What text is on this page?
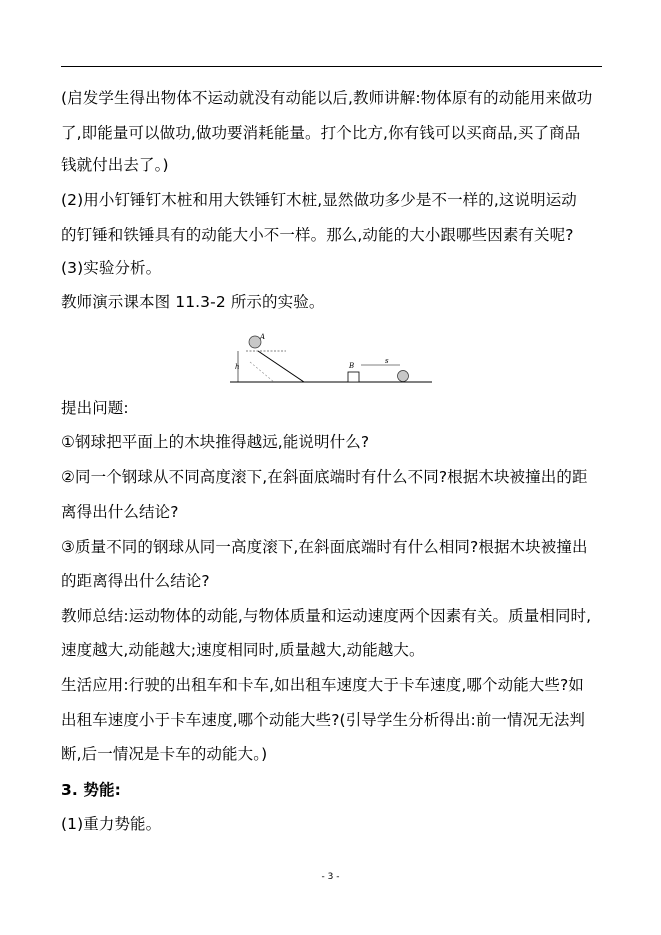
(启发学生得出物体不运动就没有动能以后,教师讲解:物体原有的动能用来做功
了,即能量可以做功,做功要消耗能量。打个比方,你有钱可以买商品,买了商品
钱就付出去了。)
(2)用小钉锤钉木桩和用大铁锤钉木桩,显然做功多少是不一样的,这说明运动
的钉锤和铁锤具有的动能大小不一样。那么,动能的大小跟哪些因素有关呢?
(3)实验分析。
教师演示课本图 11.3-2 所示的实验。
A
h	B
s
提出问题:
①钢球把平面上的木块推得越远,能说明什么?
②同一个钢球从不同高度滚下,在斜面底端时有什么不同?根据木块被撞出的距
离得出什么结论?
③质量不同的钢球从同一高度滚下,在斜面底端时有什么相同?根据木块被撞出
的距离得出什么结论?
教师总结:运动物体的动能,与物体质量和运动速度两个因素有关。质量相同时,
速度越大,动能越大;速度相同时,质量越大,动能越大。
生活应用:行驶的出租车和卡车,如出租车速度大于卡车速度,哪个动能大些?如
出租车速度小于卡车速度,哪个动能大些?(引导学生分析得出:前一情况无法判
断,后一情况是卡车的动能大。)
3. 势能:
(1)重力势能。
- 3 -
